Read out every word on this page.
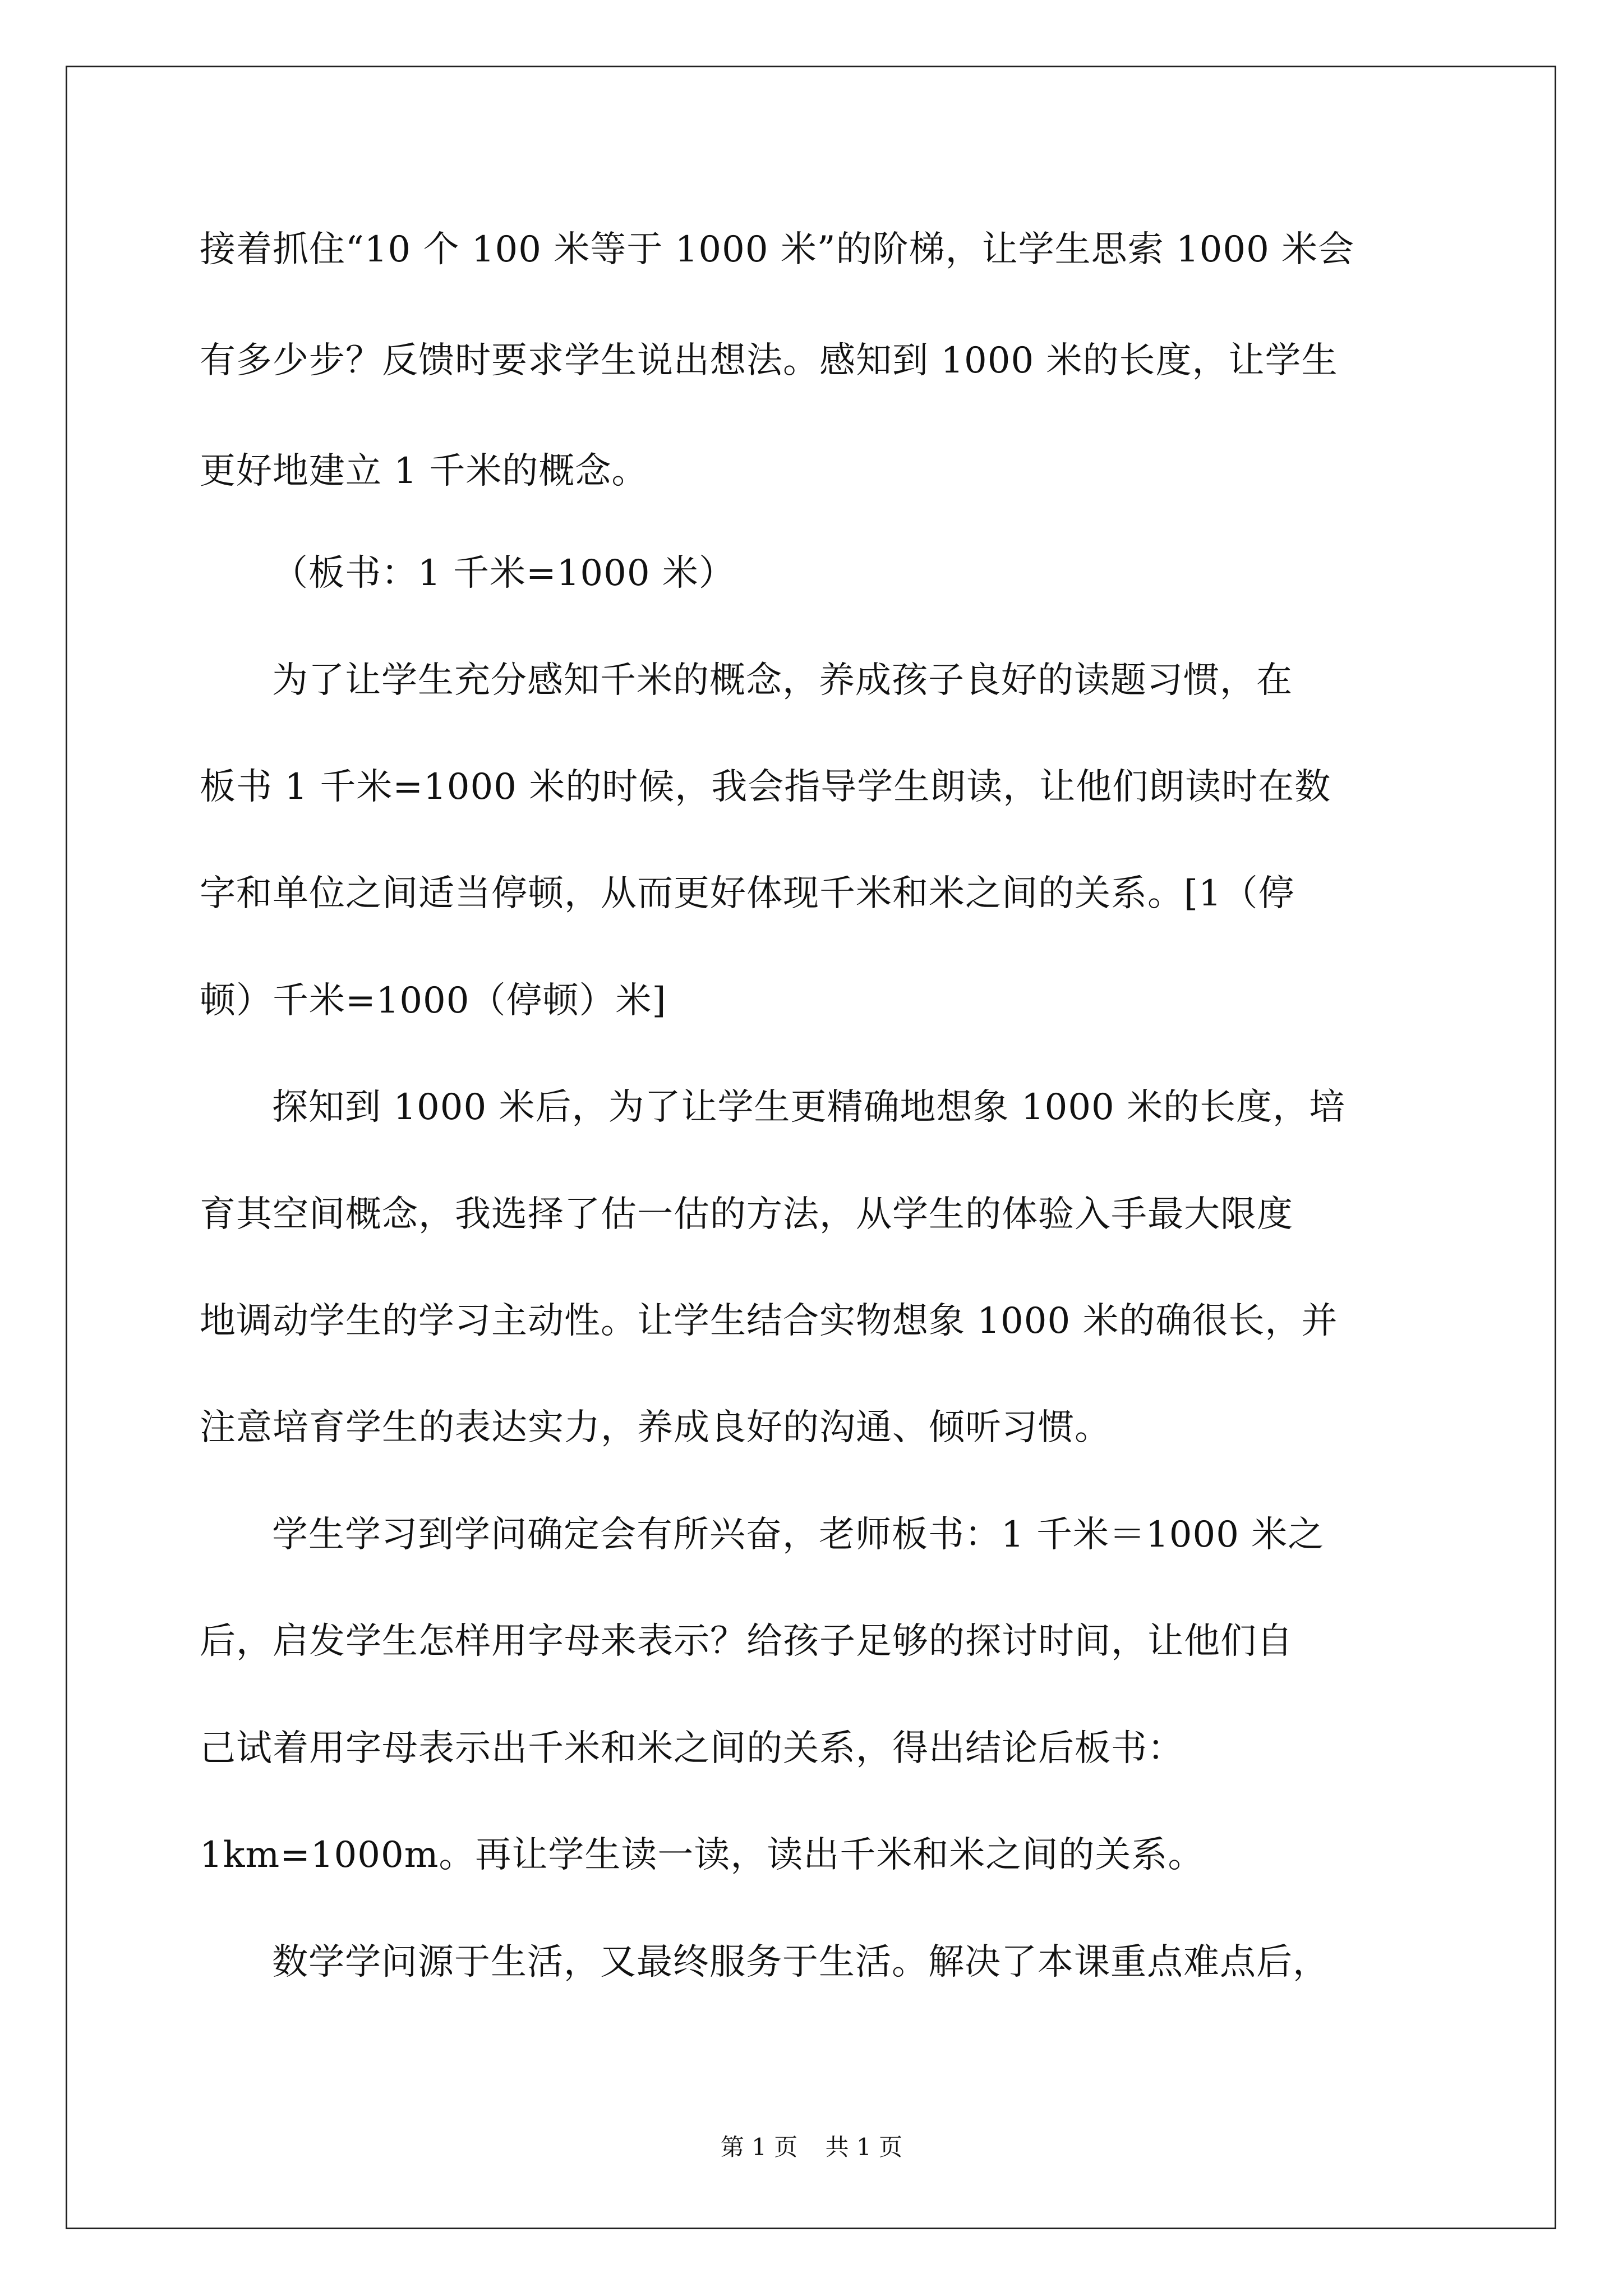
接着抓住“10 个 100 米等于 1000 米”的阶梯，让学生思索 1000 米会
有多少步？反馈时要求学生说出想法。感知到 1000 米的长度，让学生
更好地建立 1 千米的概念。
（板书：1 千米=1000 米）
为了让学生充分感知千米的概念，养成孩子良好的读题习惯，在
板书 1 千米=1000 米的时候，我会指导学生朗读，让他们朗读时在数
字和单位之间适当停顿，从而更好体现千米和米之间的关系。[1（停
顿）千米=1000（停顿）米]
探知到 1000 米后，为了让学生更精确地想象 1000 米的长度，培
育其空间概念，我选择了估一估的方法，从学生的体验入手最大限度
地调动学生的学习主动性。让学生结合实物想象 1000 米的确很长，并
注意培育学生的表达实力，养成良好的沟通、倾听习惯。
学生学习到学问确定会有所兴奋，老师板书：1 千米＝1000 米之
后，启发学生怎样用字母来表示？给孩子足够的探讨时间，让他们自
己试着用字母表示出千米和米之间的关系，得出结论后板书：
1km=1000m。再让学生读一读，读出千米和米之间的关系。
数学学问源于生活，又最终服务于生活。解决了本课重点难点后，
第 1 页 共 1 页
